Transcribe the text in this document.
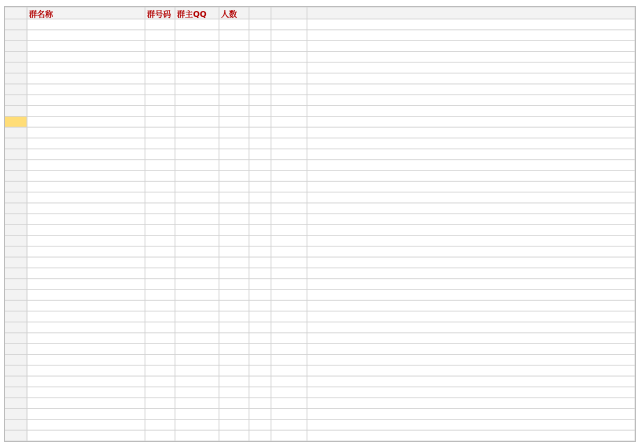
群名称	群号码 群主QQ 人数
